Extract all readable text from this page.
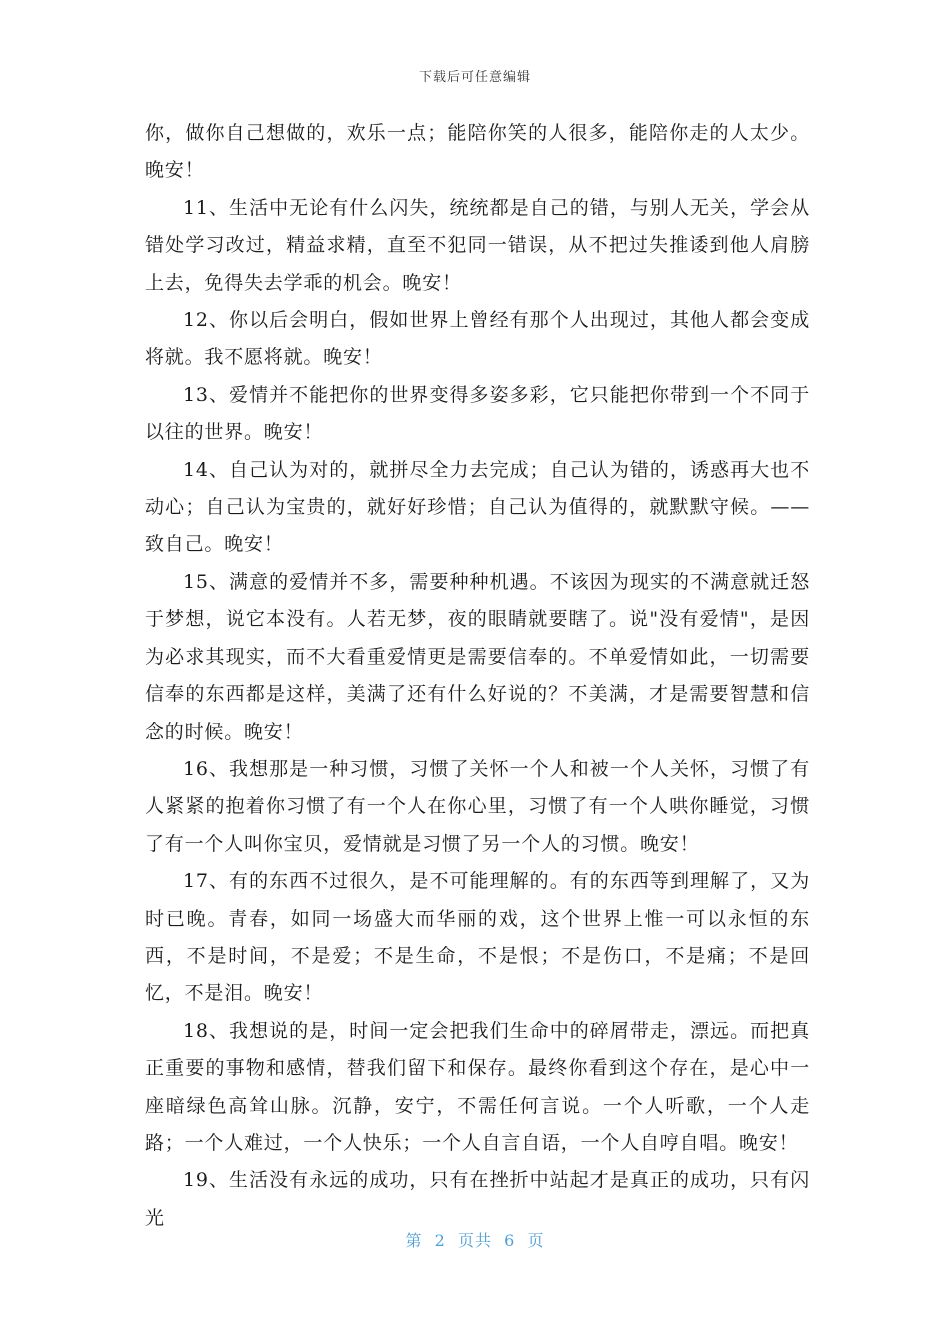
下载后可任意编辑

你，做你自己想做的，欢乐一点；能陪你笑的人很多，能陪你走的人太少。晚安！

11、生活中无论有什么闪失，统统都是自己的错，与别人无关，学会从错处学习改过，精益求精，直至不犯同一错误，从不把过失推诿到他人肩膀上去，免得失去学乖的机会。晚安！

12、你以后会明白，假如世界上曾经有那个人出现过，其他人都会变成将就。我不愿将就。晚安！

13、爱情并不能把你的世界变得多姿多彩，它只能把你带到一个不同于以往的世界。晚安！

14、自己认为对的，就拼尽全力去完成；自己认为错的，诱惑再大也不动心；自己认为宝贵的，就好好珍惜；自己认为值得的，就默默守候。——致自己。晚安！

15、满意的爱情并不多，需要种种机遇。不该因为现实的不满意就迁怒于梦想，说它本没有。人若无梦，夜的眼睛就要瞎了。说"没有爱情"，是因为必求其现实，而不大看重爱情更是需要信奉的。不单爱情如此，一切需要信奉的东西都是这样，美满了还有什么好说的？不美满，才是需要智慧和信念的时候。晚安！

16、我想那是一种习惯，习惯了关怀一个人和被一个人关怀，习惯了有人紧紧的抱着你习惯了有一个人在你心里，习惯了有一个人哄你睡觉，习惯了有一个人叫你宝贝，爱情就是习惯了另一个人的习惯。晚安！

17、有的东西不过很久，是不可能理解的。有的东西等到理解了，又为时已晚。青春，如同一场盛大而华丽的戏，这个世界上惟一可以永恒的东西，不是时间，不是爱；不是生命，不是恨；不是伤口，不是痛；不是回忆，不是泪。晚安！

18、我想说的是，时间一定会把我们生命中的碎屑带走，漂远。而把真正重要的事物和感情，替我们留下和保存。最终你看到这个存在，是心中一座暗绿色高耸山脉。沉静，安宁，不需任何言说。一个人听歌，一个人走路；一个人难过，一个人快乐；一个人自言自语，一个人自哼自唱。晚安！

19、生活没有永远的成功，只有在挫折中站起才是真正的成功，只有闪光

第  2  页共  6  页
